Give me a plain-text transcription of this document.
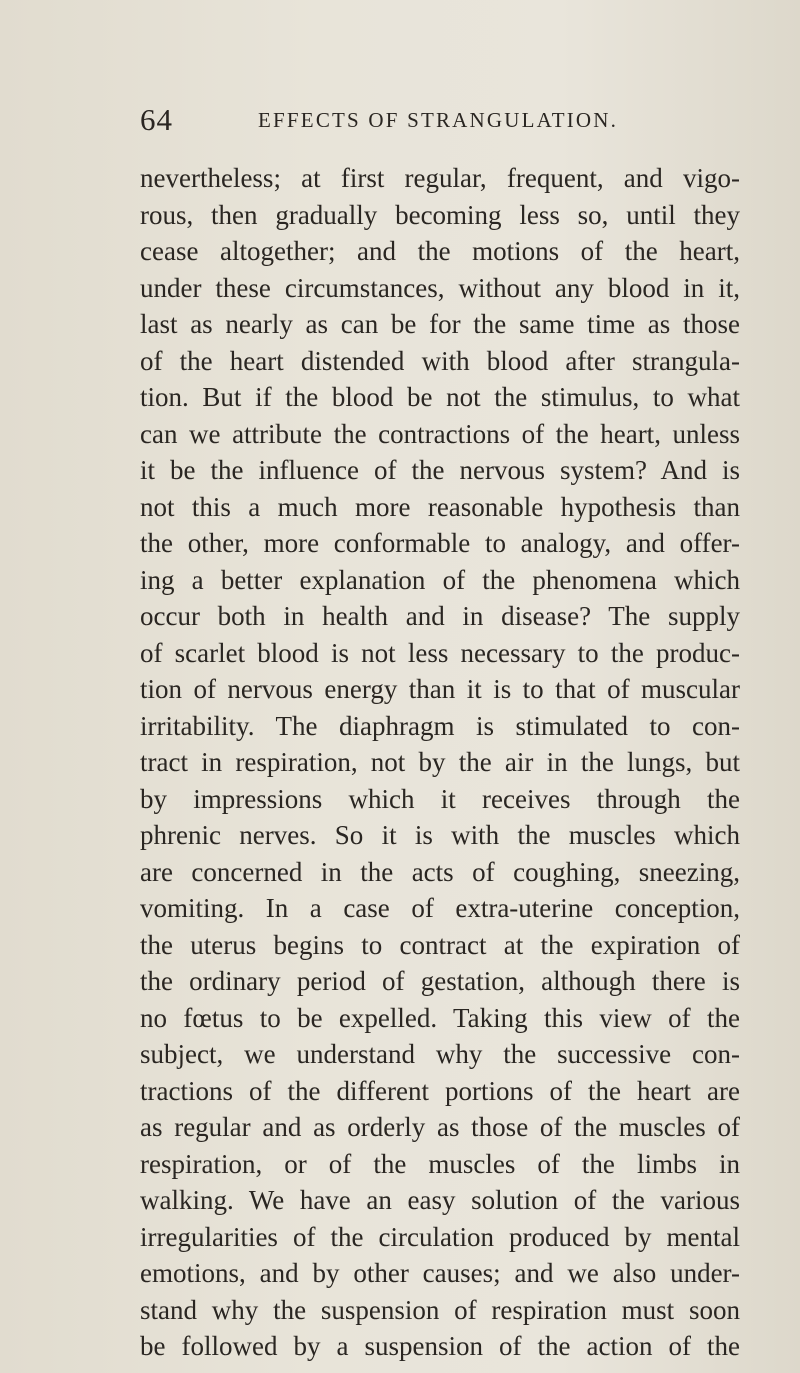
64	EFFECTS OF STRANGULATION.
nevertheless; at first regular, frequent, and vigo-
rous, then gradually becoming less so, until they
cease altogether; and the motions of the heart,
under these circumstances, without any blood in it,
last as nearly as can be for the same time as those
of the heart distended with blood after strangula-
tion. But if the blood be not the stimulus, to what
can we attribute the contractions of the heart, unless
it be the influence of the nervous system? And is
not this a much more reasonable hypothesis than
the other, more conformable to analogy, and offer-
ing a better explanation of the phenomena which
occur both in health and in disease? The supply
of scarlet blood is not less necessary to the produc-
tion of nervous energy than it is to that of muscular
irritability. The diaphragm is stimulated to con-
tract in respiration, not by the air in the lungs, but
by impressions which it receives through the
phrenic nerves. So it is with the muscles which
are concerned in the acts of coughing, sneezing,
vomiting. In a case of extra-uterine conception,
the uterus begins to contract at the expiration of
the ordinary period of gestation, although there is
no fœtus to be expelled. Taking this view of the
subject, we understand why the successive con-
tractions of the different portions of the heart are
as regular and as orderly as those of the muscles of
respiration, or of the muscles of the limbs in
walking. We have an easy solution of the various
irregularities of the circulation produced by mental
emotions, and by other causes; and we also under-
stand why the suspension of respiration must soon
be followed by a suspension of the action of the
